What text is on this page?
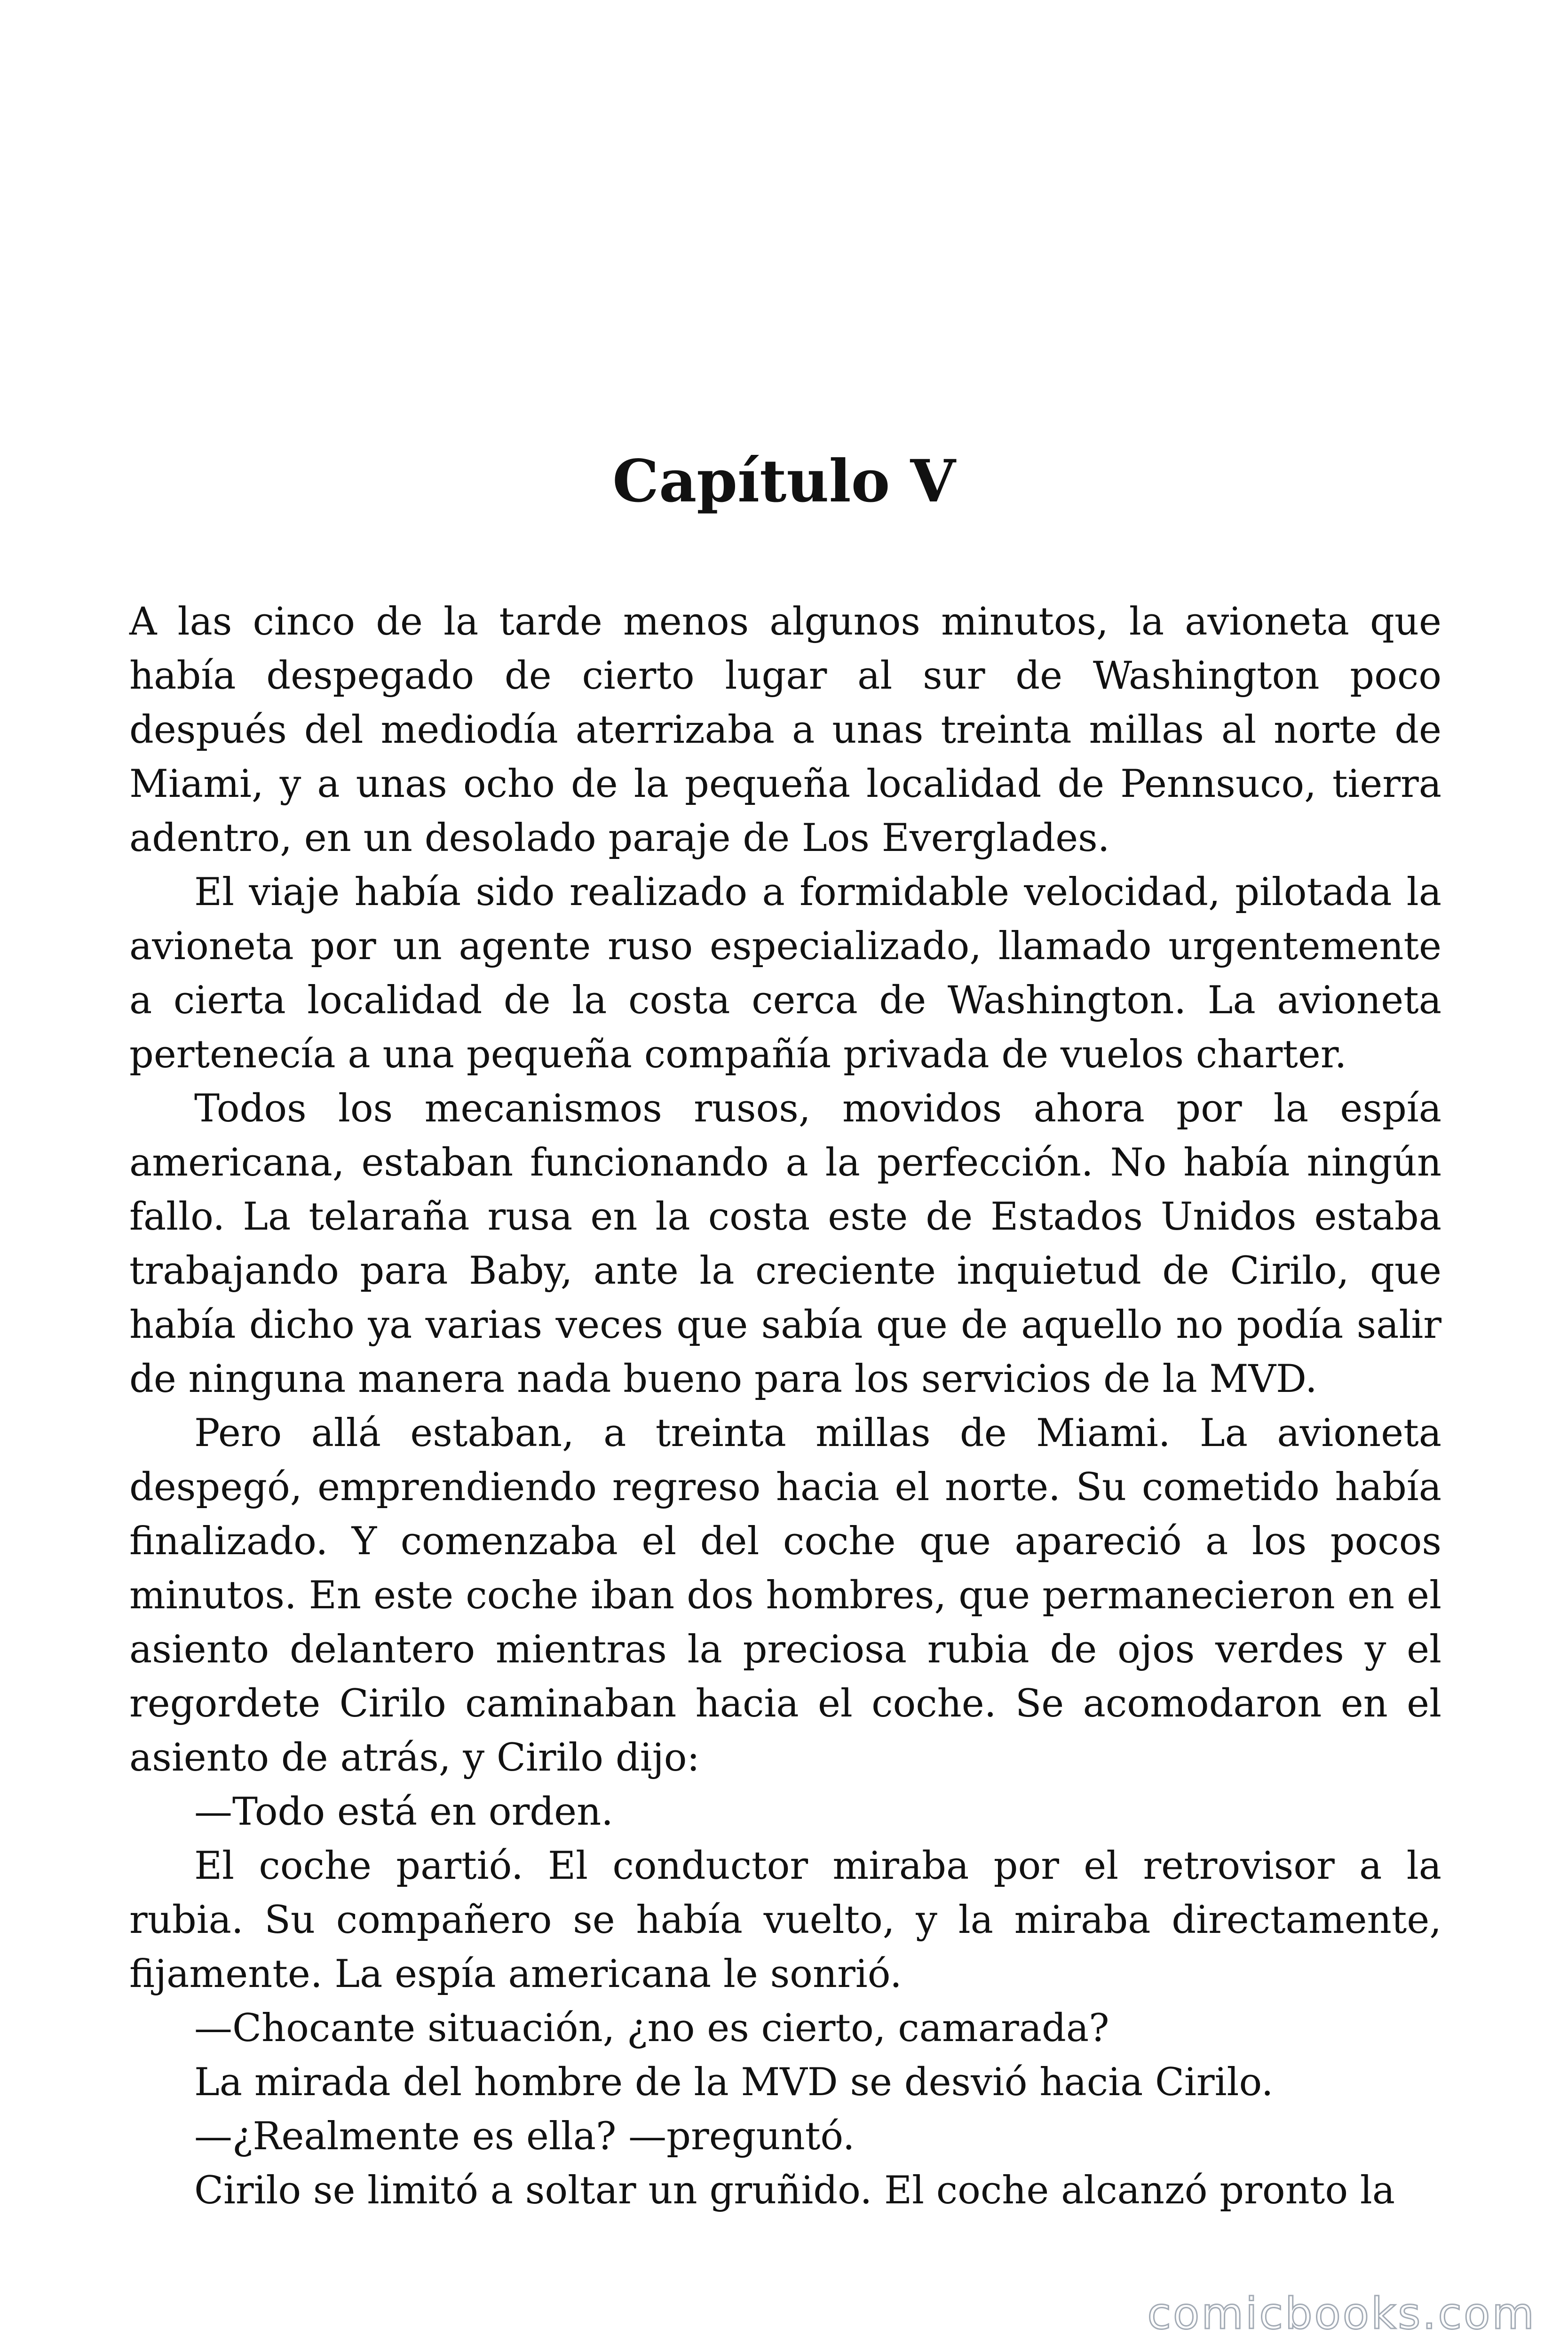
Capítulo V

A las cinco de la tarde menos algunos minutos, la avioneta que había despegado de cierto lugar al sur de Washington poco después del mediodía aterrizaba a unas treinta millas al norte de Miami, y a unas ocho de la pequeña localidad de Pennsuco, tierra adentro, en un desolado paraje de Los Everglades.

El viaje había sido realizado a formidable velocidad, pilotada la avioneta por un agente ruso especializado, llamado urgentemente a cierta localidad de la costa cerca de Washington. La avioneta pertenecía a una pequeña compañía privada de vuelos charter.

Todos los mecanismos rusos, movidos ahora por la espía americana, estaban funcionando a la perfección. No había ningún fallo. La telaraña rusa en la costa este de Estados Unidos estaba trabajando para Baby, ante la creciente inquietud de Cirilo, que había dicho ya varias veces que sabía que de aquello no podía salir de ninguna manera nada bueno para los servicios de la MVD.

Pero allá estaban, a treinta millas de Miami. La avioneta despegó, emprendiendo regreso hacia el norte. Su cometido había finalizado. Y comenzaba el del coche que apareció a los pocos minutos. En este coche iban dos hombres, que permanecieron en el asiento delantero mientras la preciosa rubia de ojos verdes y el regordete Cirilo caminaban hacia el coche. Se acomodaron en el asiento de atrás, y Cirilo dijo:

—Todo está en orden.

El coche partió. El conductor miraba por el retrovisor a la rubia. Su compañero se había vuelto, y la miraba directamente, fijamente. La espía americana le sonrió.

—Chocante situación, ¿no es cierto, camarada?

La mirada del hombre de la MVD se desvió hacia Cirilo.

—¿Realmente es ella? —preguntó.

Cirilo se limitó a soltar un gruñido. El coche alcanzó pronto la

comicbooks.com
